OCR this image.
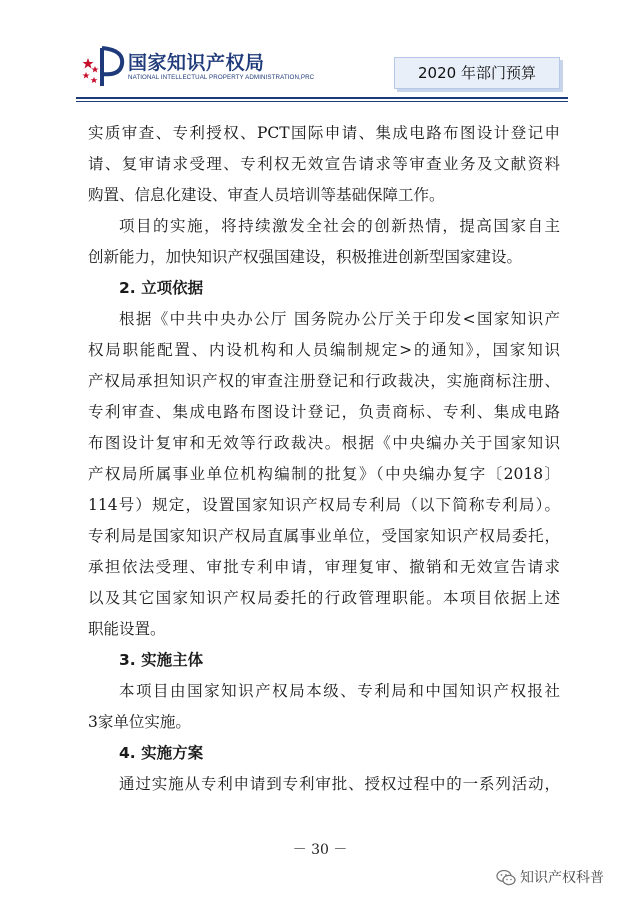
国家知识产权局
NATIONAL INTELLECTUAL PROPERTY ADMINISTRATION,PRC	2020 年部门预算
实质审查、专利授权、PCT国际申请、集成电路布图设计登记申
请、复审请求受理、专利权无效宣告请求等审查业务及文献资料
购置、信息化建设、审查人员培训等基础保障工作。
项目的实施，将持续激发全社会的创新热情，提高国家自主
创新能力，加快知识产权强国建设，积极推进创新型国家建设。
2. 立项依据
根据《中共中央办公厅 国务院办公厅关于印发<国家知识产
权局职能配置、内设机构和人员编制规定>的通知》，国家知识
产权局承担知识产权的审查注册登记和行政裁决，实施商标注册、
专利审查、集成电路布图设计登记，负责商标、专利、集成电路
布图设计复审和无效等行政裁决。根据《中央编办关于国家知识
产权局所属事业单位机构编制的批复》（中央编办复字〔2018〕
114号）规定，设置国家知识产权局专利局（以下简称专利局）。
专利局是国家知识产权局直属事业单位，受国家知识产权局委托，
承担依法受理、审批专利申请，审理复审、撤销和无效宣告请求
以及其它国家知识产权局委托的行政管理职能。本项目依据上述
职能设置。
3. 实施主体
本项目由国家知识产权局本级、专利局和中国知识产权报社
3家单位实施。
4. 实施方案
通过实施从专利申请到专利审批、授权过程中的一系列活动，
－ 30 －
知识产权科普
